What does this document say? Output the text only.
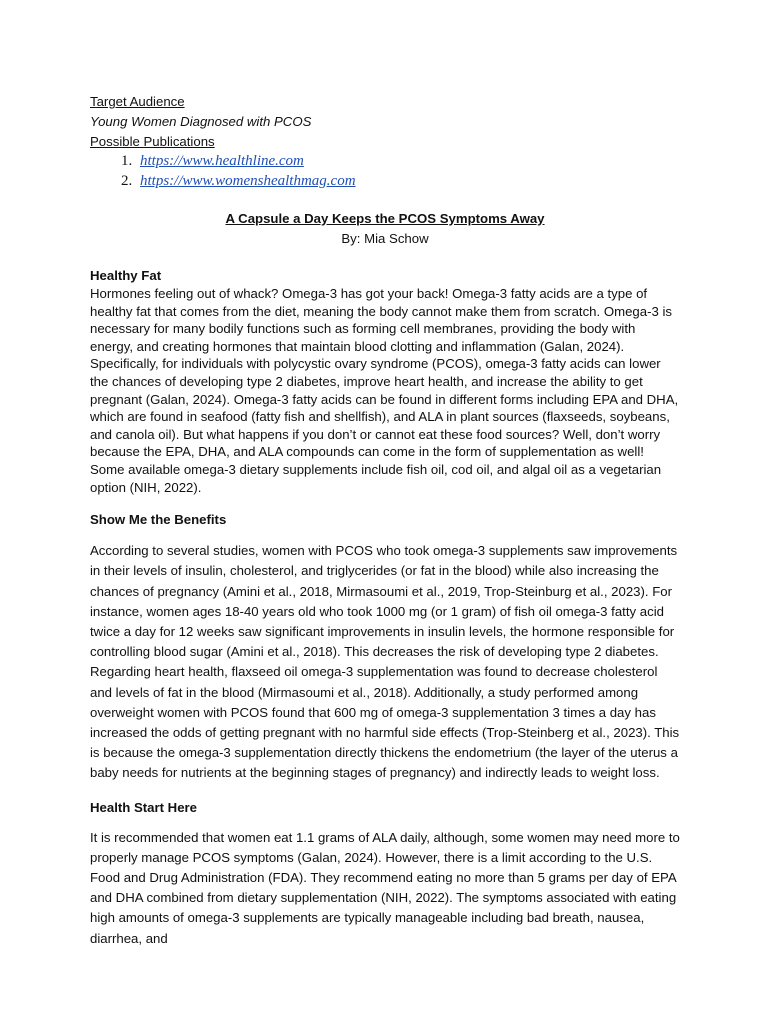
Target Audience

Young Women Diagnosed with PCOS

Possible Publications

1. https://www.healthline.com
2. https://www.womenshealthmag.com

A Capsule a Day Keeps the PCOS Symptoms Away

By: Mia Schow

Healthy Fat

Hormones feeling out of whack? Omega-3 has got your back! Omega-3 fatty acids are a type of healthy fat that comes from the diet, meaning the body cannot make them from scratch. Omega-3 is necessary for many bodily functions such as forming cell membranes, providing the body with energy, and creating hormones that maintain blood clotting and inflammation (Galan, 2024). Specifically, for individuals with polycystic ovary syndrome (PCOS), omega-3 fatty acids can lower the chances of developing type 2 diabetes, improve heart health, and increase the ability to get pregnant (Galan, 2024). Omega-3 fatty acids can be found in different forms including EPA and DHA, which are found in seafood (fatty fish and shellfish), and ALA in plant sources (flaxseeds, soybeans, and canola oil). But what happens if you don’t or cannot eat these food sources? Well, don’t worry because the EPA, DHA, and ALA compounds can come in the form of supplementation as well! Some available omega-3 dietary supplements include fish oil, cod oil, and algal oil as a vegetarian option (NIH, 2022).

Show Me the Benefits

According to several studies, women with PCOS who took omega-3 supplements saw improvements in their levels of insulin, cholesterol, and triglycerides (or fat in the blood) while also increasing the chances of pregnancy (Amini et al., 2018, Mirmasoumi et al., 2019, Trop-Steinburg et al., 2023). For instance, women ages 18-40 years old who took 1000 mg (or 1 gram) of fish oil omega-3 fatty acid twice a day for 12 weeks saw significant improvements in insulin levels, the hormone responsible for controlling blood sugar (Amini et al., 2018). This decreases the risk of developing type 2 diabetes. Regarding heart health, flaxseed oil omega-3 supplementation was found to decrease cholesterol and levels of fat in the blood (Mirmasoumi et al., 2018). Additionally, a study performed among overweight women with PCOS found that 600 mg of omega-3 supplementation 3 times a day has increased the odds of getting pregnant with no harmful side effects (Trop-Steinberg et al., 2023). This is because the omega-3 supplementation directly thickens the endometrium (the layer of the uterus a baby needs for nutrients at the beginning stages of pregnancy) and indirectly leads to weight loss.

Health Start Here

It is recommended that women eat 1.1 grams of ALA daily, although, some women may need more to properly manage PCOS symptoms (Galan, 2024). However, there is a limit according to the U.S. Food and Drug Administration (FDA). They recommend eating no more than 5 grams per day of EPA and DHA combined from dietary supplementation (NIH, 2022). The symptoms associated with eating high amounts of omega-3 supplements are typically manageable including bad breath, nausea, diarrhea, and
